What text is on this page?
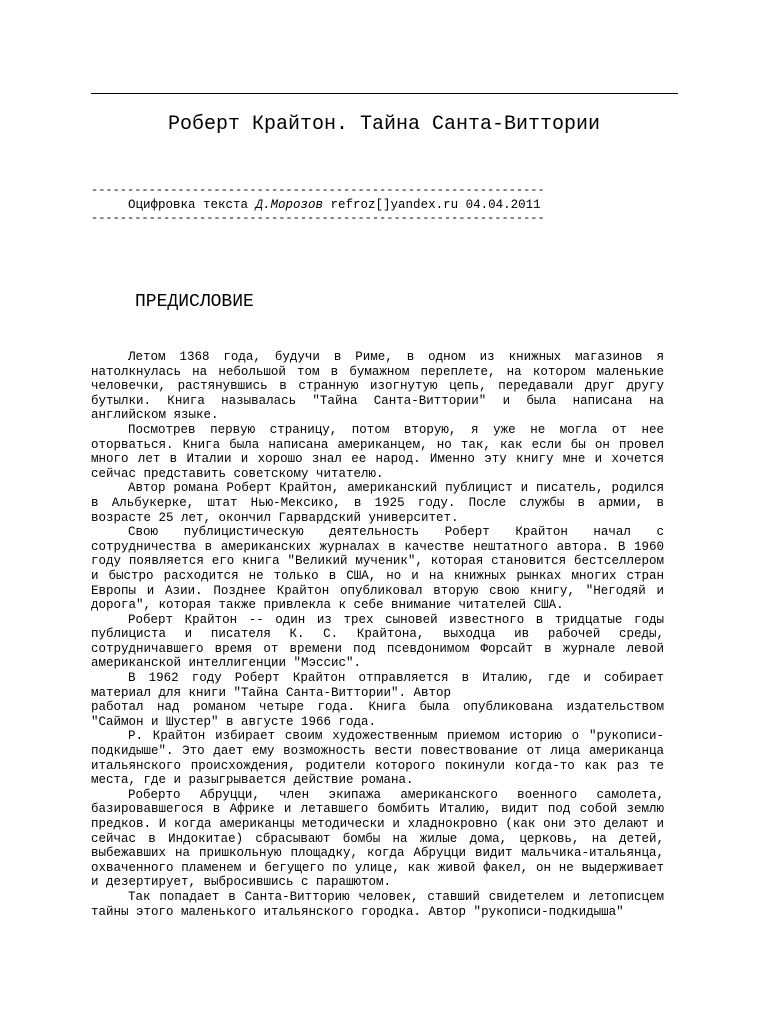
Роберт Крайтон. Тайна Санта-Виттории
---------------------------------------------------------------
Оцифровка текста Д.Морозов refroz[]yandex.ru 04.04.2011
---------------------------------------------------------------
ПРЕДИСЛОВИЕ

Летом 1368 года, будучи в Риме, в одном из книжных магазинов я натолкнулась на небольшой том в бумажном переплете, на котором маленькие человечки, растянувшись в странную изогнутую цепь, передавали друг другу бутылки. Книга называлась "Тайна Санта-Виттории" и была написана на английском языке.

Посмотрев первую страницу, потом вторую, я уже не могла от нее оторваться. Книга была написана американцем, но так, как если бы он провел много лет в Италии и хорошо знал ее народ. Именно эту книгу мне и хочется сейчас представить советскому читателю.

Автор романа Роберт Крайтон, американский публицист и писатель, родился в Альбукерке, штат Нью-Мексико, в 1925 году. После службы в армии, в возрасте 25 лет, окончил Гарвардский университет.

Свою публицистическую деятельность Роберт Крайтон начал с сотрудничества в американских журналах в качестве нештатного автора. В 1960 году появляется его книга "Великий мученик", которая становится бестселлером и быстро расходится не только в США, но и на книжных рынках многих стран Европы и Азии. Позднее Крайтон опубликовал вторую свою книгу, "Негодяй и дорога", которая также привлекла к себе внимание читателей США.

Роберт Крайтон -- один из трех сыновей известного в тридцатые годы публициста и писателя К. С. Крайтона, выходца ив рабочей среды, сотрудничавшего время от времени под псевдонимом Форсайт в журнале левой американской интеллигенции "Мэссис".

В 1962 году Роберт Крайтон отправляется в Италию, где и собирает материал для книги "Тайна Санта-Виттории". Автор

работал над романом четыре года. Книга была опубликована издательством "Саймон и Шустер" в августе 1966 года.

Р. Крайтон избирает своим художественным приемом историю о "рукописи-подкидыше". Это дает ему возможность вести повествование от лица американца итальянского происхождения, родители которого покинули когда-то как раз те места, где и разыгрывается действие романа.

Роберто Абруцци, член экипажа американского военного самолета, базировавшегося в Африке и летавшего бомбить Италию, видит под собой землю предков. И когда американцы методически и хладнокровно (как они это делают и сейчас в Индокитае) сбрасывают бомбы на жилые дома, церковь, на детей, выбежавших на пришкольную площадку, когда Абруцци видит мальчика-итальянца, охваченного пламенем и бегущего по улице, как живой факел, он не выдерживает и дезертирует, выбросившись с парашютом.

Так попадает в Санта-Витторию человек, ставший свидетелем и летописцем тайны этого маленького итальянского городка. Автор "рукописи-подкидыша"
